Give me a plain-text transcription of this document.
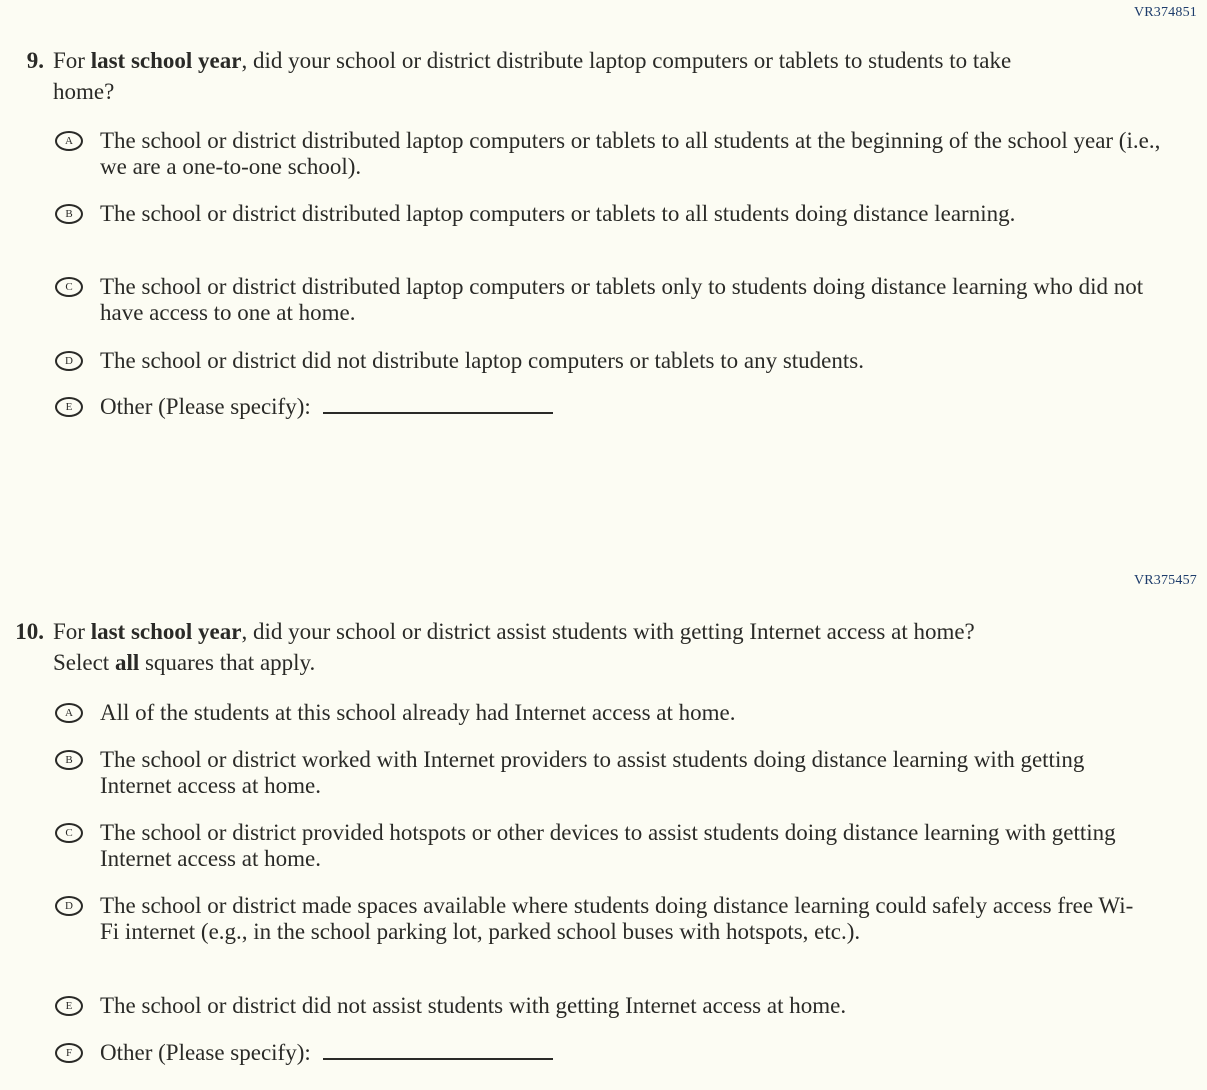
VR374851
9. For last school year, did your school or district distribute laptop computers or tablets to students to take home?

A	The school or district distributed laptop computers or tablets to all students at the beginning of the school year (i.e., we are a one-to-one school).
B	The school or district distributed laptop computers or tablets to all students doing distance learning.
C	The school or district distributed laptop computers or tablets only to students doing distance learning who did not have access to one at home.
D	The school or district did not distribute laptop computers or tablets to any students.
E	Other (Please specify):
VR375457
10. For last school year, did your school or district assist students with getting Internet access at home? Select all squares that apply.

A	All of the students at this school already had Internet access at home.
B	The school or district worked with Internet providers to assist students doing distance learning with getting Internet access at home.
C	The school or district provided hotspots or other devices to assist students doing distance learning with getting Internet access at home.
D	The school or district made spaces available where students doing distance learning could safely access free Wi-Fi internet (e.g., in the school parking lot, parked school buses with hotspots, etc.).
E	The school or district did not assist students with getting Internet access at home.
F	Other (Please specify):
